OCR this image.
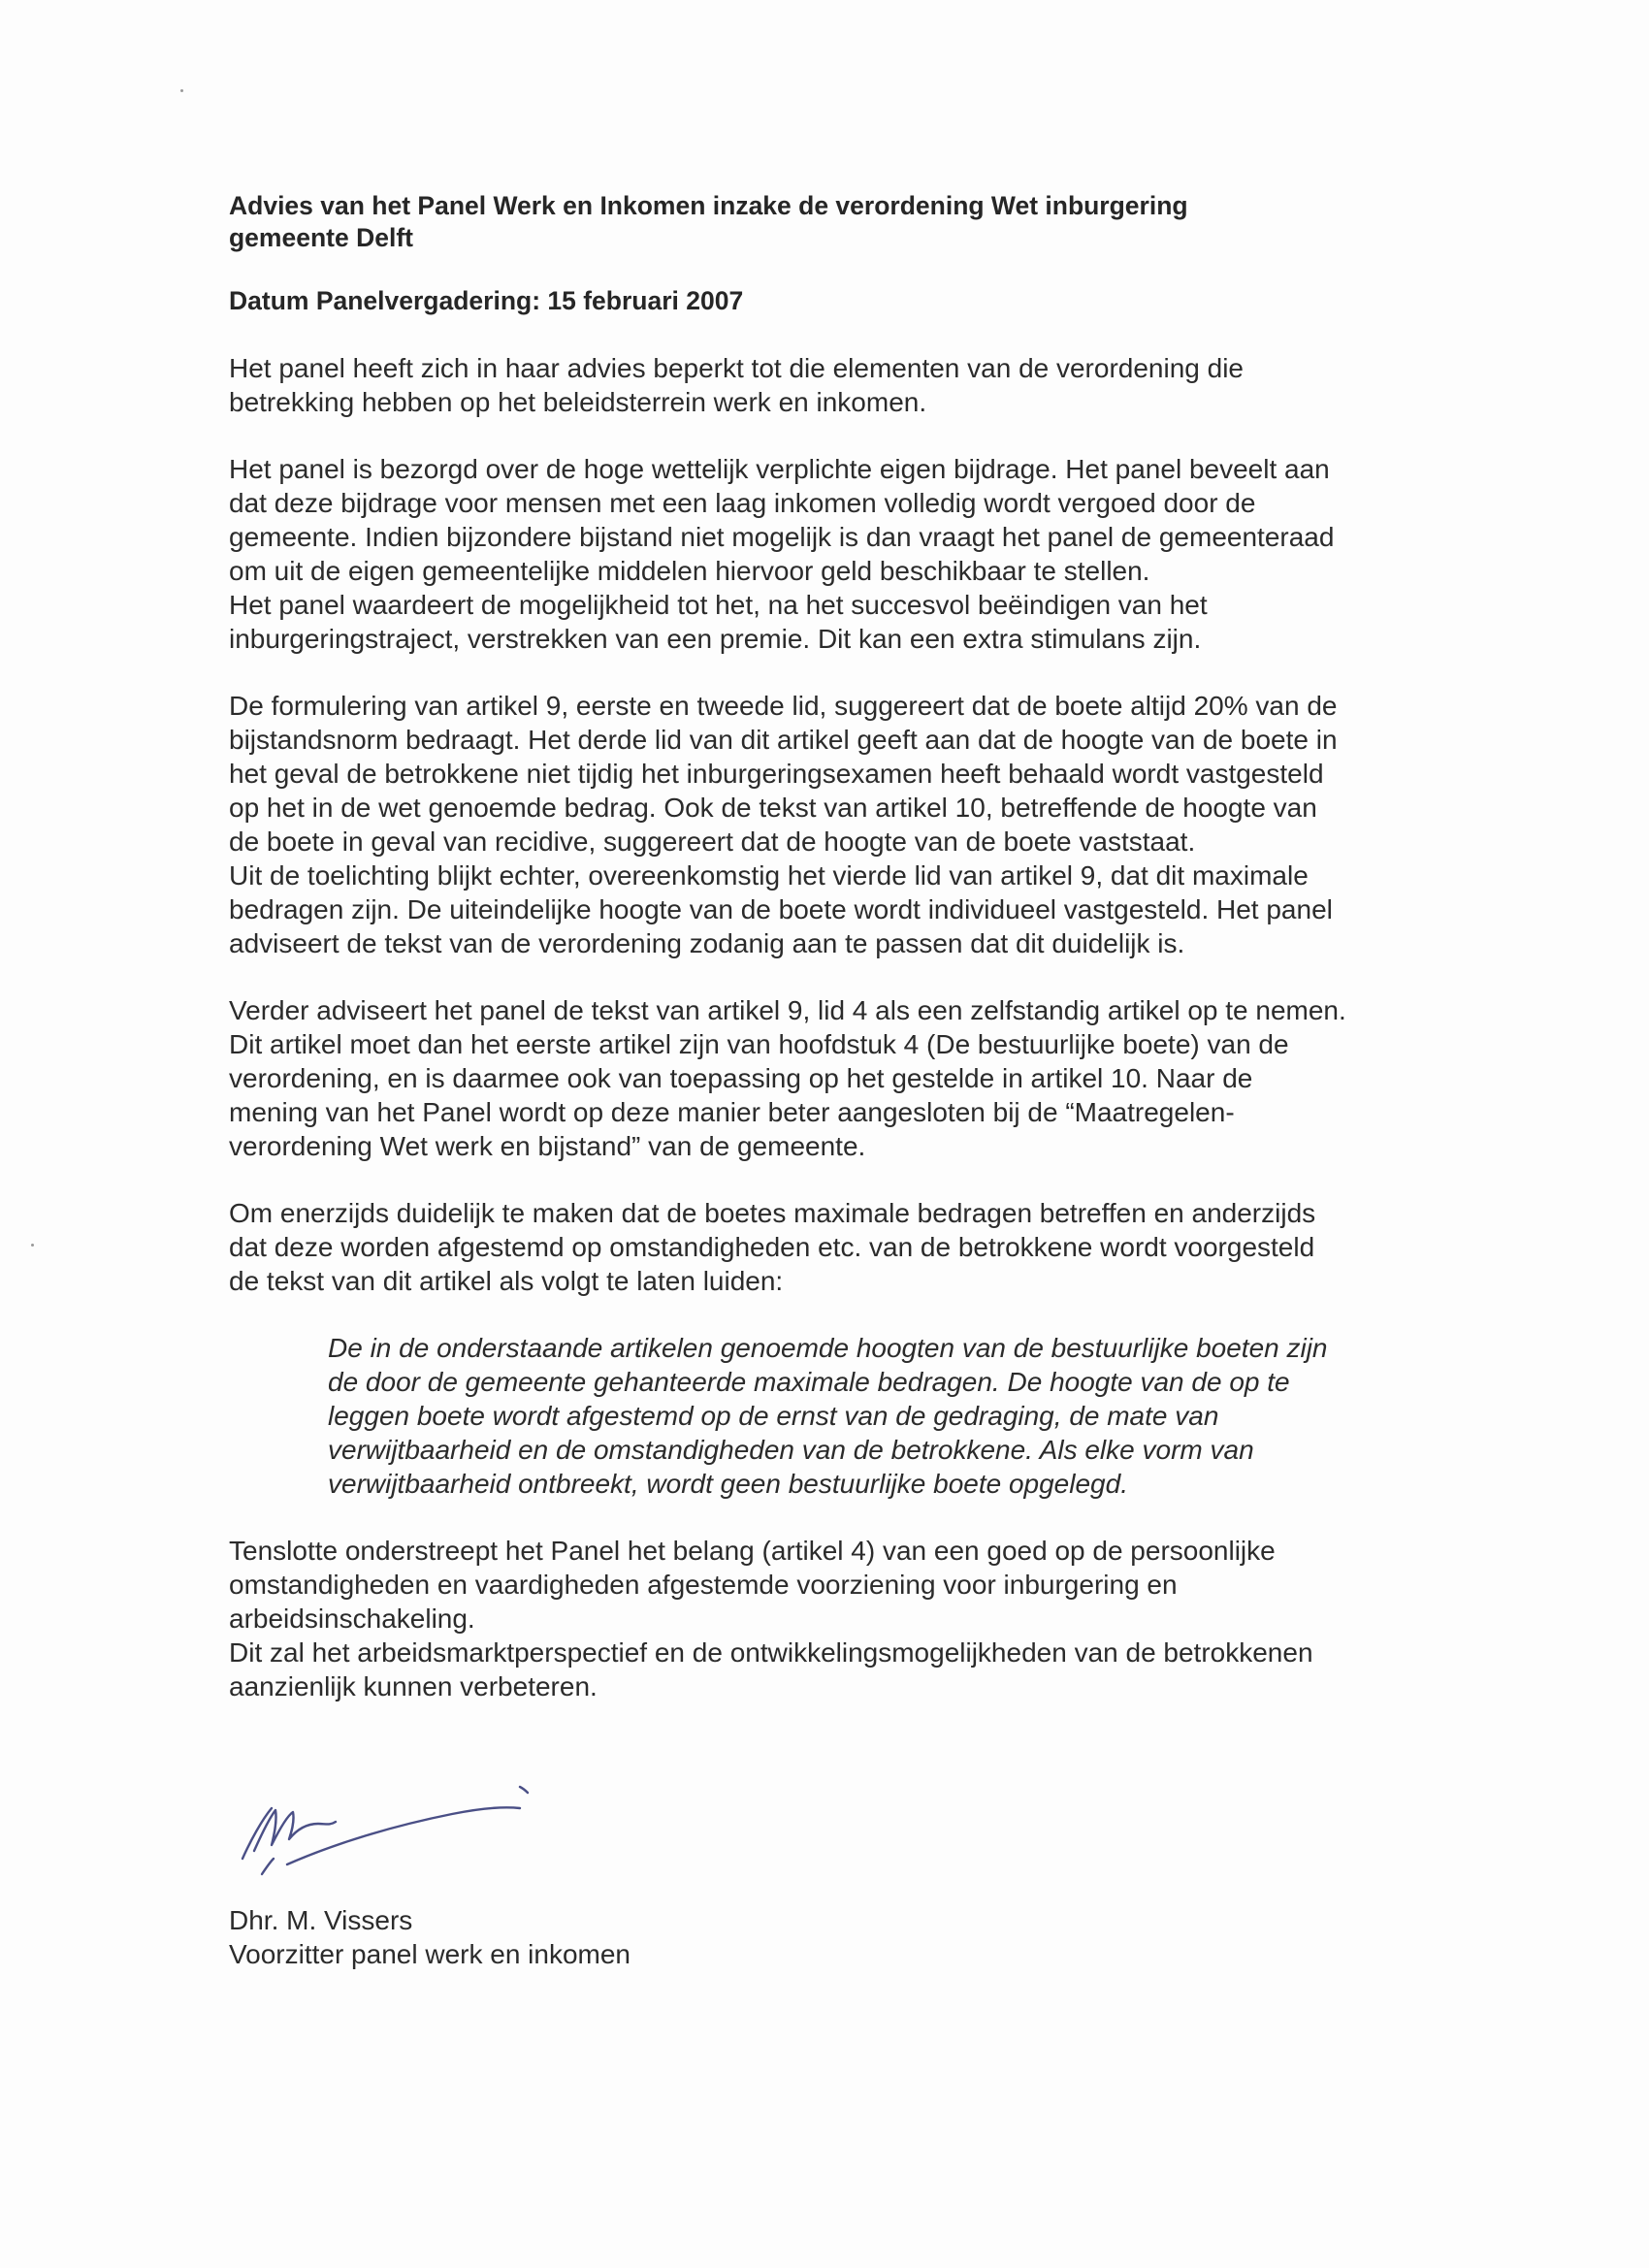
Advies van het Panel Werk en Inkomen inzake de verordening Wet inburgering
gemeente Delft

Datum Panelvergadering: 15 februari 2007

Het panel heeft zich in haar advies beperkt tot die elementen van de verordening die
betrekking hebben op het beleidsterrein werk en inkomen.

Het panel is bezorgd over de hoge wettelijk verplichte eigen bijdrage. Het panel beveelt aan
dat deze bijdrage voor mensen met een laag inkomen volledig wordt vergoed door de
gemeente. Indien bijzondere bijstand niet mogelijk is dan vraagt het panel de gemeenteraad
om uit de eigen gemeentelijke middelen hiervoor geld beschikbaar te stellen.
Het panel waardeert de mogelijkheid tot het, na het succesvol beëindigen van het
inburgeringstraject, verstrekken van een premie. Dit kan een extra stimulans zijn.

De formulering van artikel 9, eerste en tweede lid, suggereert dat de boete altijd 20% van de
bijstandsnorm bedraagt. Het derde lid van dit artikel geeft aan dat de hoogte van de boete in
het geval de betrokkene niet tijdig het inburgeringsexamen heeft behaald wordt vastgesteld
op het in de wet genoemde bedrag. Ook de tekst van artikel 10, betreffende de hoogte van
de boete in geval van recidive, suggereert dat de hoogte van de boete vaststaat.
Uit de toelichting blijkt echter, overeenkomstig het vierde lid van artikel 9, dat dit maximale
bedragen zijn. De uiteindelijke hoogte van de boete wordt individueel vastgesteld. Het panel
adviseert de tekst van de verordening zodanig aan te passen dat dit duidelijk is.

Verder adviseert het panel de tekst van artikel 9, lid 4 als een zelfstandig artikel op te nemen.
Dit artikel moet dan het eerste artikel zijn van hoofdstuk 4 (De bestuurlijke boete) van de
verordening, en is daarmee ook van toepassing op het gestelde in artikel 10. Naar de
mening van het Panel wordt op deze manier beter aangesloten bij de “Maatregelen-
verordening Wet werk en bijstand” van de gemeente.

Om enerzijds duidelijk te maken dat de boetes maximale bedragen betreffen en anderzijds
dat deze worden afgestemd op omstandigheden etc. van de betrokkene wordt voorgesteld
de tekst van dit artikel als volgt te laten luiden:

De in de onderstaande artikelen genoemde hoogten van de bestuurlijke boeten zijn
de door de gemeente gehanteerde maximale bedragen. De hoogte van de op te
leggen boete wordt afgestemd op de ernst van de gedraging, de mate van
verwijtbaarheid en de omstandigheden van de betrokkene. Als elke vorm van
verwijtbaarheid ontbreekt, wordt geen bestuurlijke boete opgelegd.

Tenslotte onderstreept het Panel het belang (artikel 4) van een goed op de persoonlijke
omstandigheden en vaardigheden afgestemde voorziening voor inburgering en
arbeidsinschakeling.
Dit zal het arbeidsmarktperspectief en de ontwikkelingsmogelijkheden van de betrokkenen
aanzienlijk kunnen verbeteren.

Dhr. M. Vissers

Voorzitter panel werk en inkomen
